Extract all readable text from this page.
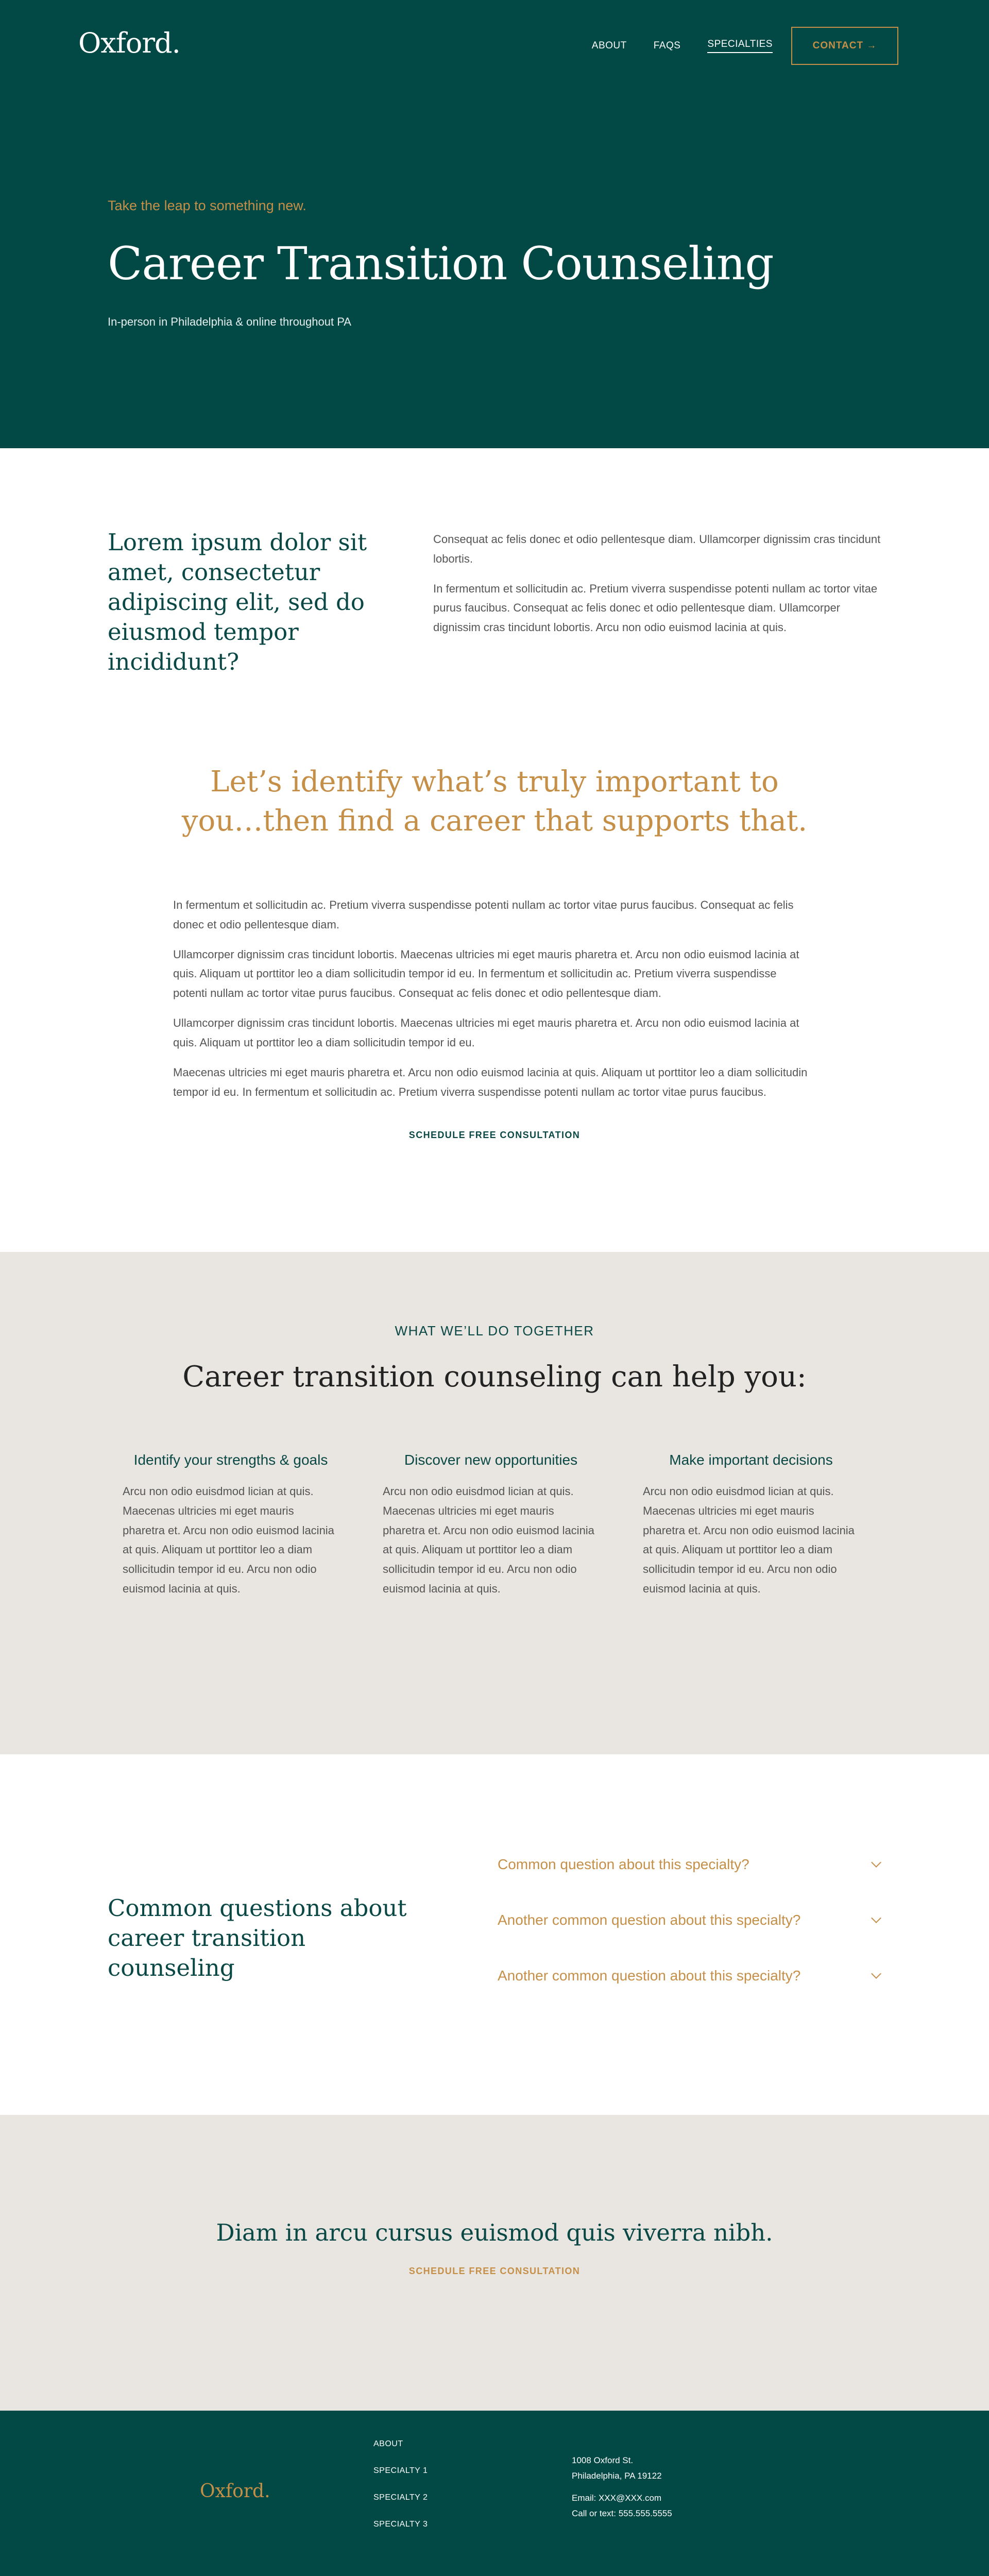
Oxford.	ABOUT	FAQS	SPECIALTIES	CONTACT →
Take the leap to something new.
Career Transition Counseling
In-person in Philadelphia & online throughout PA
Lorem ipsum dolor sit amet, consectetur adipiscing elit, sed do eiusmod tempor incididunt?

Consequat ac felis donec et odio pellentesque diam. Ullamcorper dignissim cras tincidunt lobortis.

In fermentum et sollicitudin ac. Pretium viverra suspendisse potenti nullam ac tortor vitae purus faucibus. Consequat ac felis donec et odio pellentesque diam. Ullamcorper dignissim cras tincidunt lobortis. Arcu non odio euismod lacinia at quis.

Let’s identify what’s truly important to
you…then find a career that supports that.

In fermentum et sollicitudin ac. Pretium viverra suspendisse potenti nullam ac tortor vitae purus faucibus. Consequat ac felis donec et odio pellentesque diam.

Ullamcorper dignissim cras tincidunt lobortis. Maecenas ultricies mi eget mauris pharetra et. Arcu non odio euismod lacinia at quis. Aliquam ut porttitor leo a diam sollicitudin tempor id eu. In fermentum et sollicitudin ac. Pretium viverra suspendisse potenti nullam ac tortor vitae purus faucibus. Consequat ac felis donec et odio pellentesque diam.

Ullamcorper dignissim cras tincidunt lobortis. Maecenas ultricies mi eget mauris pharetra et. Arcu non odio euismod lacinia at quis. Aliquam ut porttitor leo a diam sollicitudin tempor id eu.

Maecenas ultricies mi eget mauris pharetra et. Arcu non odio euismod lacinia at quis. Aliquam ut porttitor leo a diam sollicitudin tempor id eu. In fermentum et sollicitudin ac. Pretium viverra suspendisse potenti nullam ac tortor vitae purus faucibus.

SCHEDULE FREE CONSULTATION
WHAT WE’LL DO TOGETHER
Career transition counseling can help you:
Identify your strengths & goals
Arcu non odio euisdmod lician at quis. Maecenas ultricies mi eget mauris pharetra et. Arcu non odio euismod lacinia at quis. Aliquam ut porttitor leo a diam sollicitudin tempor id eu. Arcu non odio euismod lacinia at quis.
Discover new opportunities
Arcu non odio euisdmod lician at quis. Maecenas ultricies mi eget mauris pharetra et. Arcu non odio euismod lacinia at quis. Aliquam ut porttitor leo a diam sollicitudin tempor id eu. Arcu non odio euismod lacinia at quis.
Make important decisions
Arcu non odio euisdmod lician at quis. Maecenas ultricies mi eget mauris pharetra et. Arcu non odio euismod lacinia at quis. Aliquam ut porttitor leo a diam sollicitudin tempor id eu. Arcu non odio euismod lacinia at quis.
Common questions about career transition counseling
Common question about this specialty?
Another common question about this specialty?
Another common question about this specialty?
Diam in arcu cursus euismod quis viverra nibh.
SCHEDULE FREE CONSULTATION
Oxford.
ABOUT
SPECIALTY 1
SPECIALTY 2
SPECIALTY 3
1008 Oxford St.
Philadelphia, PA 19122
Email: XXX@XXX.com
Call or text: 555.555.5555
